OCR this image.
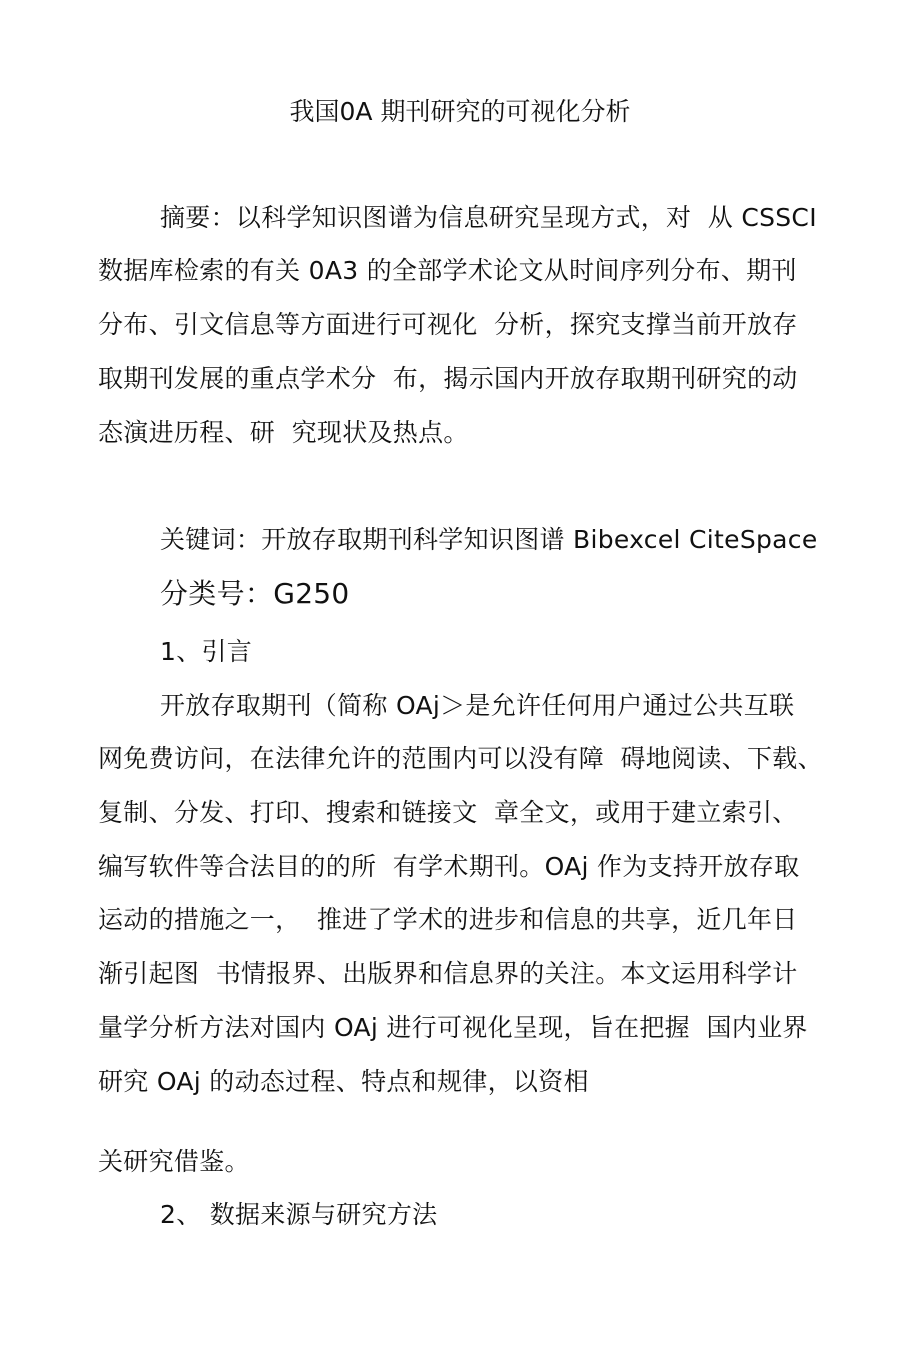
我国0A 期刊研究的可视化分析
摘要：以科学知识图谱为信息研究呈现方式，对  从 CSSCI
数据库检索的有关 0A3 的全部学术论文从时间序列分布、期刊
分布、引文信息等方面进行可视化  分析，探究支撑当前开放存
取期刊发展的重点学术分  布，揭示国内开放存取期刊研究的动
态演进历程、研  究现状及热点。
关键词：开放存取期刊科学知识图谱 Bibexcel CiteSpace
分类号：G250
1、引言
开放存取期刊（简称 OAj＞是允许任何用户通过公共互联
网免费访问，在法律允许的范围内可以没有障  碍地阅读、下载、
复制、分发、打印、搜索和链接文  章全文，或用于建立索引、
编写软件等合法目的的所  有学术期刊。OAj 作为支持开放存取
运动的措施之一，  推进了学术的进步和信息的共享，近几年日
渐引起图  书情报界、出版界和信息界的关注。本文运用科学计
量学分析方法对国内 OAj 进行可视化呈现，旨在把握  国内业界
研究 OAj 的动态过程、特点和规律，以资相
关研究借鉴。
2、 数据来源与研究方法
